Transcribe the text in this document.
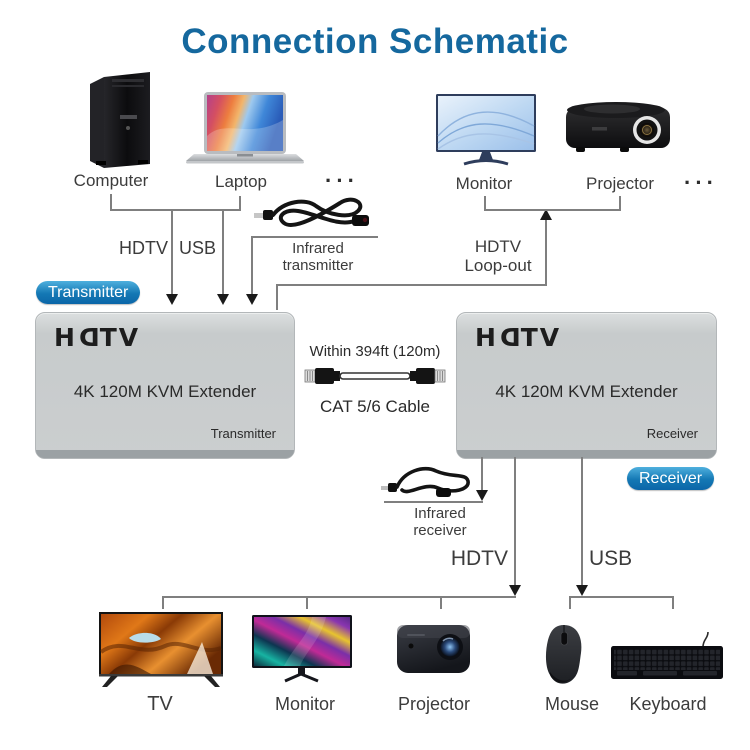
Connection Schematic
···	···
Computer	Laptop	Monitor	Projector
HDTV USB	Infrared
transmitter
HDTV
Loop-out
Transmitter
Receiver
HDTV
4K 120M KVM Extender
Transmitter
HDTV
4K 120M KVM Extender
Receiver
Within 394ft (120m)
CAT 5/6 Cable
Infrared
receiver
HDTV	USB
TV	Monitor	Projector	Mouse	Keyboard
